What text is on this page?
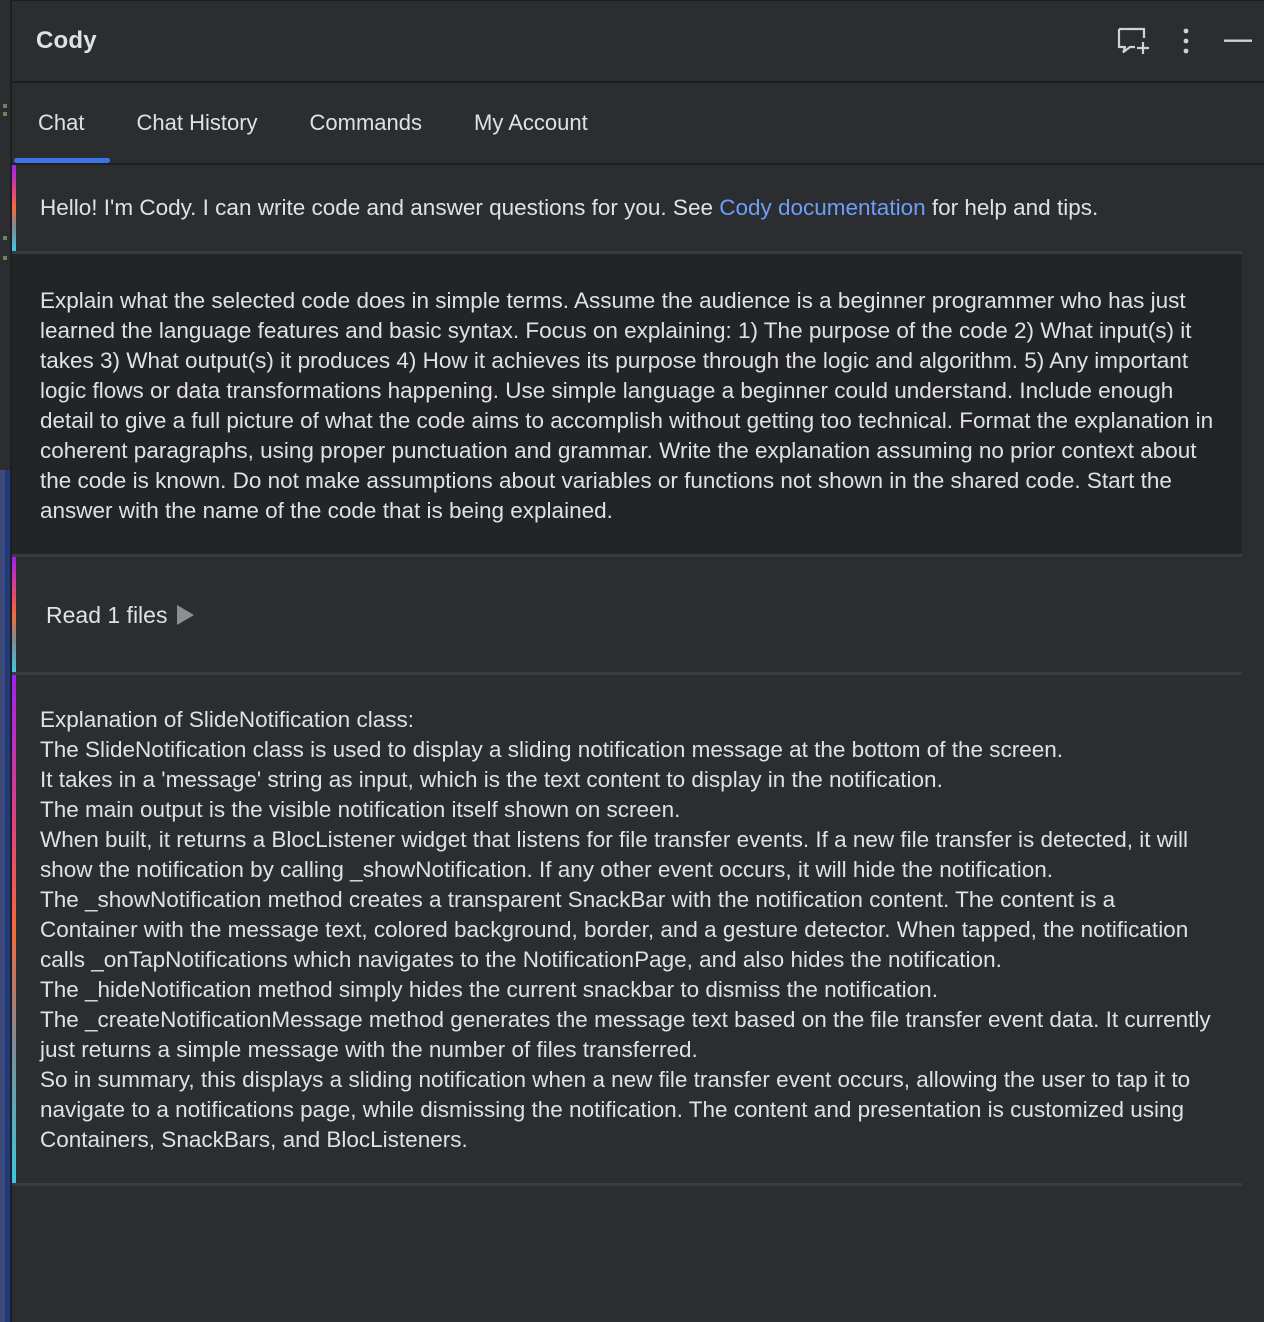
Cody
Chat Chat History Commands My Account

Hello! I'm Cody. I can write code and answer questions for you. See Cody documentation for help and tips.

Explain what the selected code does in simple terms. Assume the audience is a beginner programmer who has just learned the language features and basic syntax. Focus on explaining: 1) The purpose of the code 2) What input(s) it takes 3) What output(s) it produces 4) How it achieves its purpose through the logic and algorithm. 5) Any important logic flows or data transformations happening. Use simple language a beginner could understand. Include enough detail to give a full picture of what the code aims to accomplish without getting too technical. Format the explanation in coherent paragraphs, using proper punctuation and grammar. Write the explanation assuming no prior context about the code is known. Do not make assumptions about variables or functions not shown in the shared code. Start the answer with the name of the code that is being explained.

Read 1 files

Explanation of SlideNotification class:

The SlideNotification class is used to display a sliding notification message at the bottom of the screen.

It takes in a 'message' string as input, which is the text content to display in the notification.

The main output is the visible notification itself shown on screen.

When built, it returns a BlocListener widget that listens for file transfer events. If a new file transfer is detected, it will show the notification by calling _showNotification. If any other event occurs, it will hide the notification.

The _showNotification method creates a transparent SnackBar with the notification content. The content is a Container with the message text, colored background, border, and a gesture detector. When tapped, the notification calls _onTapNotifications which navigates to the NotificationPage, and also hides the notification.

The _hideNotification method simply hides the current snackbar to dismiss the notification.

The _createNotificationMessage method generates the message text based on the file transfer event data. It currently just returns a simple message with the number of files transferred.

So in summary, this displays a sliding notification when a new file transfer event occurs, allowing the user to tap it to navigate to a notifications page, while dismissing the notification. The content and presentation is customized using Containers, SnackBars, and BlocListeners.
